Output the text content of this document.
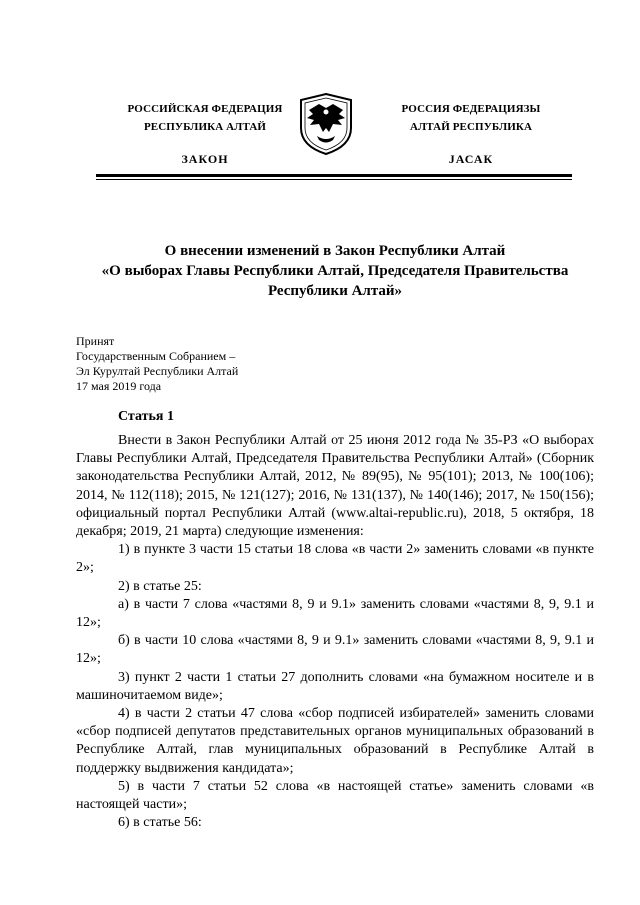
РОССИЙСКАЯ ФЕДЕРАЦИЯ
РЕСПУБЛИКА АЛТАЙ
ЗАКОН
РОССИЯ ФЕДЕРАЦИЯЗЫ
АЛТАЙ РЕСПУБЛИКА
JАСАК
О внесении изменений в Закон Республики Алтай
«О выборах Главы Республики Алтай, Председателя Правительства
Республики Алтай»
Принят
Государственным Собранием –
Эл Курултай Республики Алтай
17 мая 2019 года
Статья 1

Внести в Закон Республики Алтай от 25 июня 2012 года № 35-РЗ «О выборах Главы Республики Алтай, Председателя Правительства Республики Алтай» (Сборник законодательства Республики Алтай, 2012, № 89(95), № 95(101); 2013, № 100(106); 2014, № 112(118); 2015, № 121(127); 2016, № 131(137), № 140(146); 2017, № 150(156); официальный портал Республики Алтай (www.altai-republic.ru), 2018, 5 октября, 18 декабря; 2019, 21 марта) следующие изменения:

1) в пункте 3 части 15 статьи 18 слова «в части 2» заменить словами «в пункте 2»;

2) в статье 25:

а) в части 7 слова «частями 8, 9 и 9.1» заменить словами «частями 8, 9, 9.1 и 12»;

б) в части 10 слова «частями 8, 9 и 9.1» заменить словами «частями 8, 9, 9.1 и 12»;

3) пункт 2 части 1 статьи 27 дополнить словами «на бумажном носителе и в машиночитаемом виде»;

4) в части 2 статьи 47 слова «сбор подписей избирателей» заменить словами «сбор подписей депутатов представительных органов муниципальных образований в Республике Алтай, глав муниципальных образований в Республике Алтай в поддержку выдвижения кандидата»;

5) в части 7 статьи 52 слова «в настоящей статье» заменить словами «в настоящей части»;

6) в статье 56:
